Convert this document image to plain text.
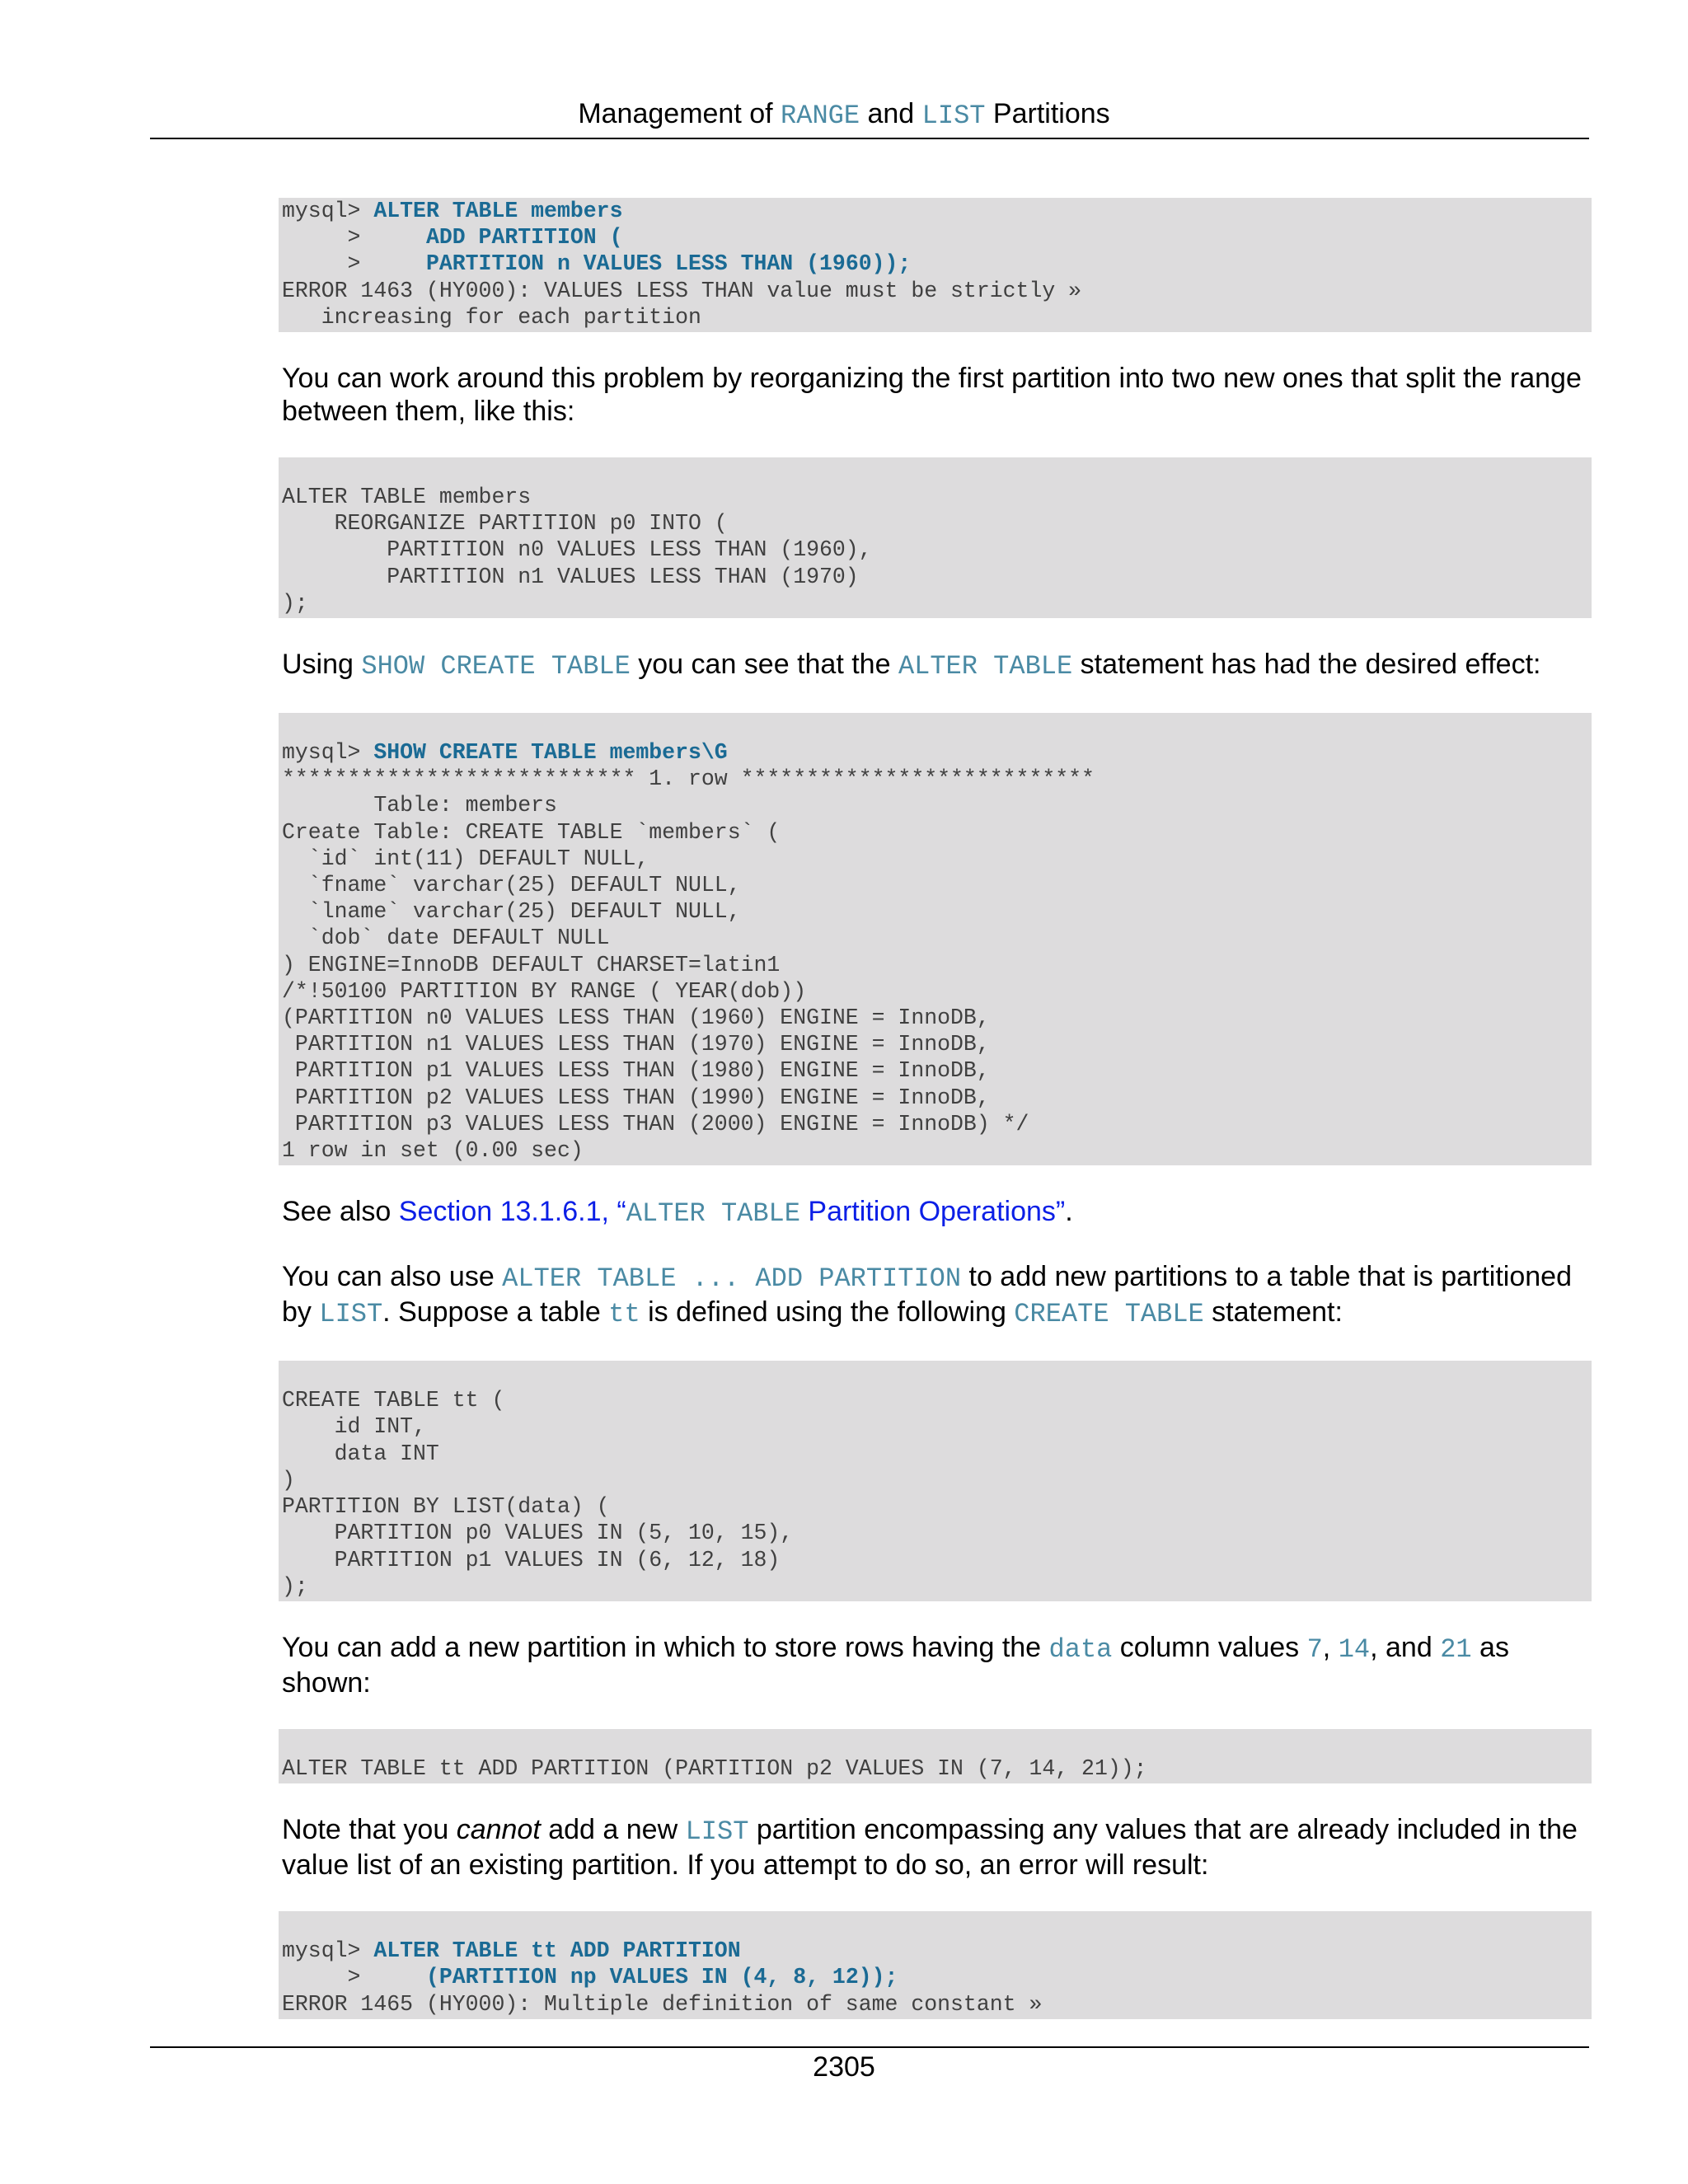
Management of RANGE and LIST Partitions
mysql> ALTER TABLE members
>     ADD PARTITION (
>     PARTITION n VALUES LESS THAN (1960));
ERROR 1463 (HY000): VALUES LESS THAN value must be strictly »
increasing for each partition

You can work around this problem by reorganizing the first partition into two new ones that split the range between them, like this:

ALTER TABLE members
REORGANIZE PARTITION p0 INTO (
PARTITION n0 VALUES LESS THAN (1960),
PARTITION n1 VALUES LESS THAN (1970)
);

Using SHOW CREATE TABLE you can see that the ALTER TABLE statement has had the desired effect:

mysql> SHOW CREATE TABLE members\G
*************************** 1. row ***************************
Table: members
Create Table: CREATE TABLE `members` (
`id` int(11) DEFAULT NULL,
`fname` varchar(25) DEFAULT NULL,
`lname` varchar(25) DEFAULT NULL,
`dob` date DEFAULT NULL
) ENGINE=InnoDB DEFAULT CHARSET=latin1
/*!50100 PARTITION BY RANGE ( YEAR(dob))
(PARTITION n0 VALUES LESS THAN (1960) ENGINE = InnoDB,
PARTITION n1 VALUES LESS THAN (1970) ENGINE = InnoDB,
PARTITION p1 VALUES LESS THAN (1980) ENGINE = InnoDB,
PARTITION p2 VALUES LESS THAN (1990) ENGINE = InnoDB,
PARTITION p3 VALUES LESS THAN (2000) ENGINE = InnoDB) */
1 row in set (0.00 sec)

See also Section 13.1.6.1, “ALTER TABLE Partition Operations”.

You can also use ALTER TABLE ... ADD PARTITION to add new partitions to a table that is partitioned by LIST. Suppose a table tt is defined using the following CREATE TABLE statement:

CREATE TABLE tt (
id INT,
data INT
)
PARTITION BY LIST(data) (
PARTITION p0 VALUES IN (5, 10, 15),
PARTITION p1 VALUES IN (6, 12, 18)
);

You can add a new partition in which to store rows having the data column values 7, 14, and 21 as shown:

ALTER TABLE tt ADD PARTITION (PARTITION p2 VALUES IN (7, 14, 21));

Note that you cannot add a new LIST partition encompassing any values that are already included in the value list of an existing partition. If you attempt to do so, an error will result:

mysql> ALTER TABLE tt ADD PARTITION
>     (PARTITION np VALUES IN (4, 8, 12));
ERROR 1465 (HY000): Multiple definition of same constant »
2305
